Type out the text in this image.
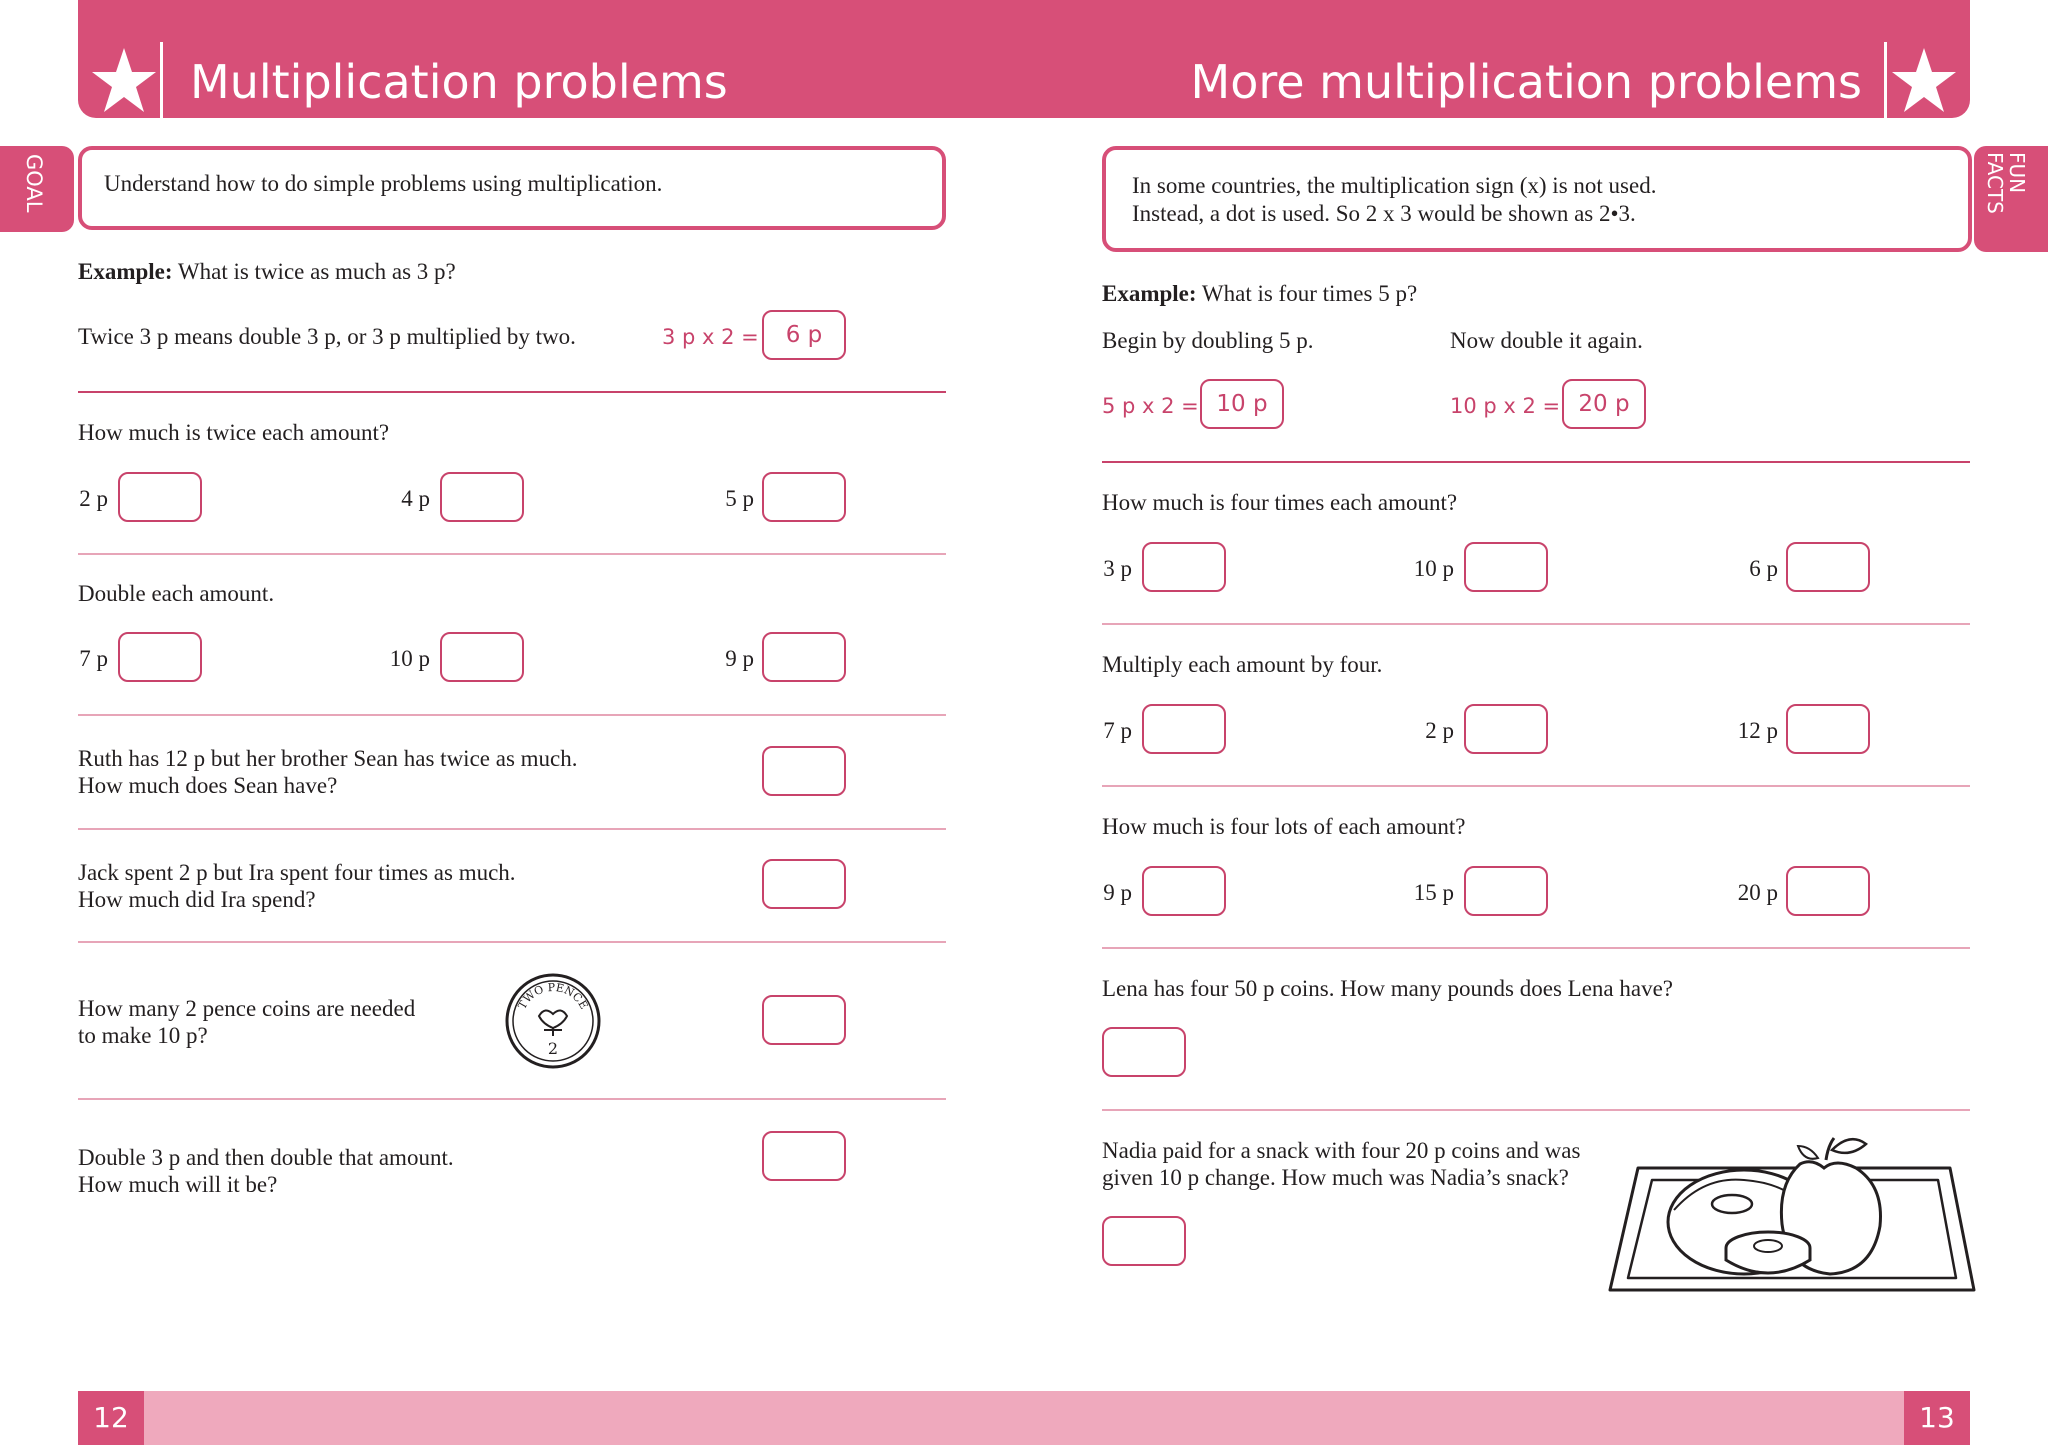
Multiplication problems	More multiplication problems
GOAL	Understand how to do simple problems using multiplication.
Example: What is twice as much as 3 p?
Twice 3 p means double 3 p, or 3 p multiplied by two.	3 p x 2 =	6 p
How much is twice each amount?
2 p	4 p	5 p
Double each amount.
7 p	10 p	9 p
Ruth has 12 p but her brother Sean has twice as much.
How much does Sean have?
Jack spent 2 p but Ira spent four times as much.
How much did Ira spend?
How many 2 pence coins are needed
to make 10 p?
TWO PENCE
2
Double 3 p and then double that amount.
How much will it be?
In some countries, the multiplication sign (x) is not used.
Instead, a dot is used. So 2 x 3 would be shown as 2•3.
FUN
FACTS
Example: What is four times 5 p?
Begin by doubling 5 p.	Now double it again.
5 p x 2 = 10 p	10 p x 2 = 20 p
How much is four times each amount?
3 p	10 p	6 p
Multiply each amount by four.
7 p	2 p	12 p
How much is four lots of each amount?
9 p	15 p	20 p
Lena has four 50 p coins. How many pounds does Lena have?
Nadia paid for a snack with four 20 p coins and was
given 10 p change. How much was Nadia’s snack?
12	13
